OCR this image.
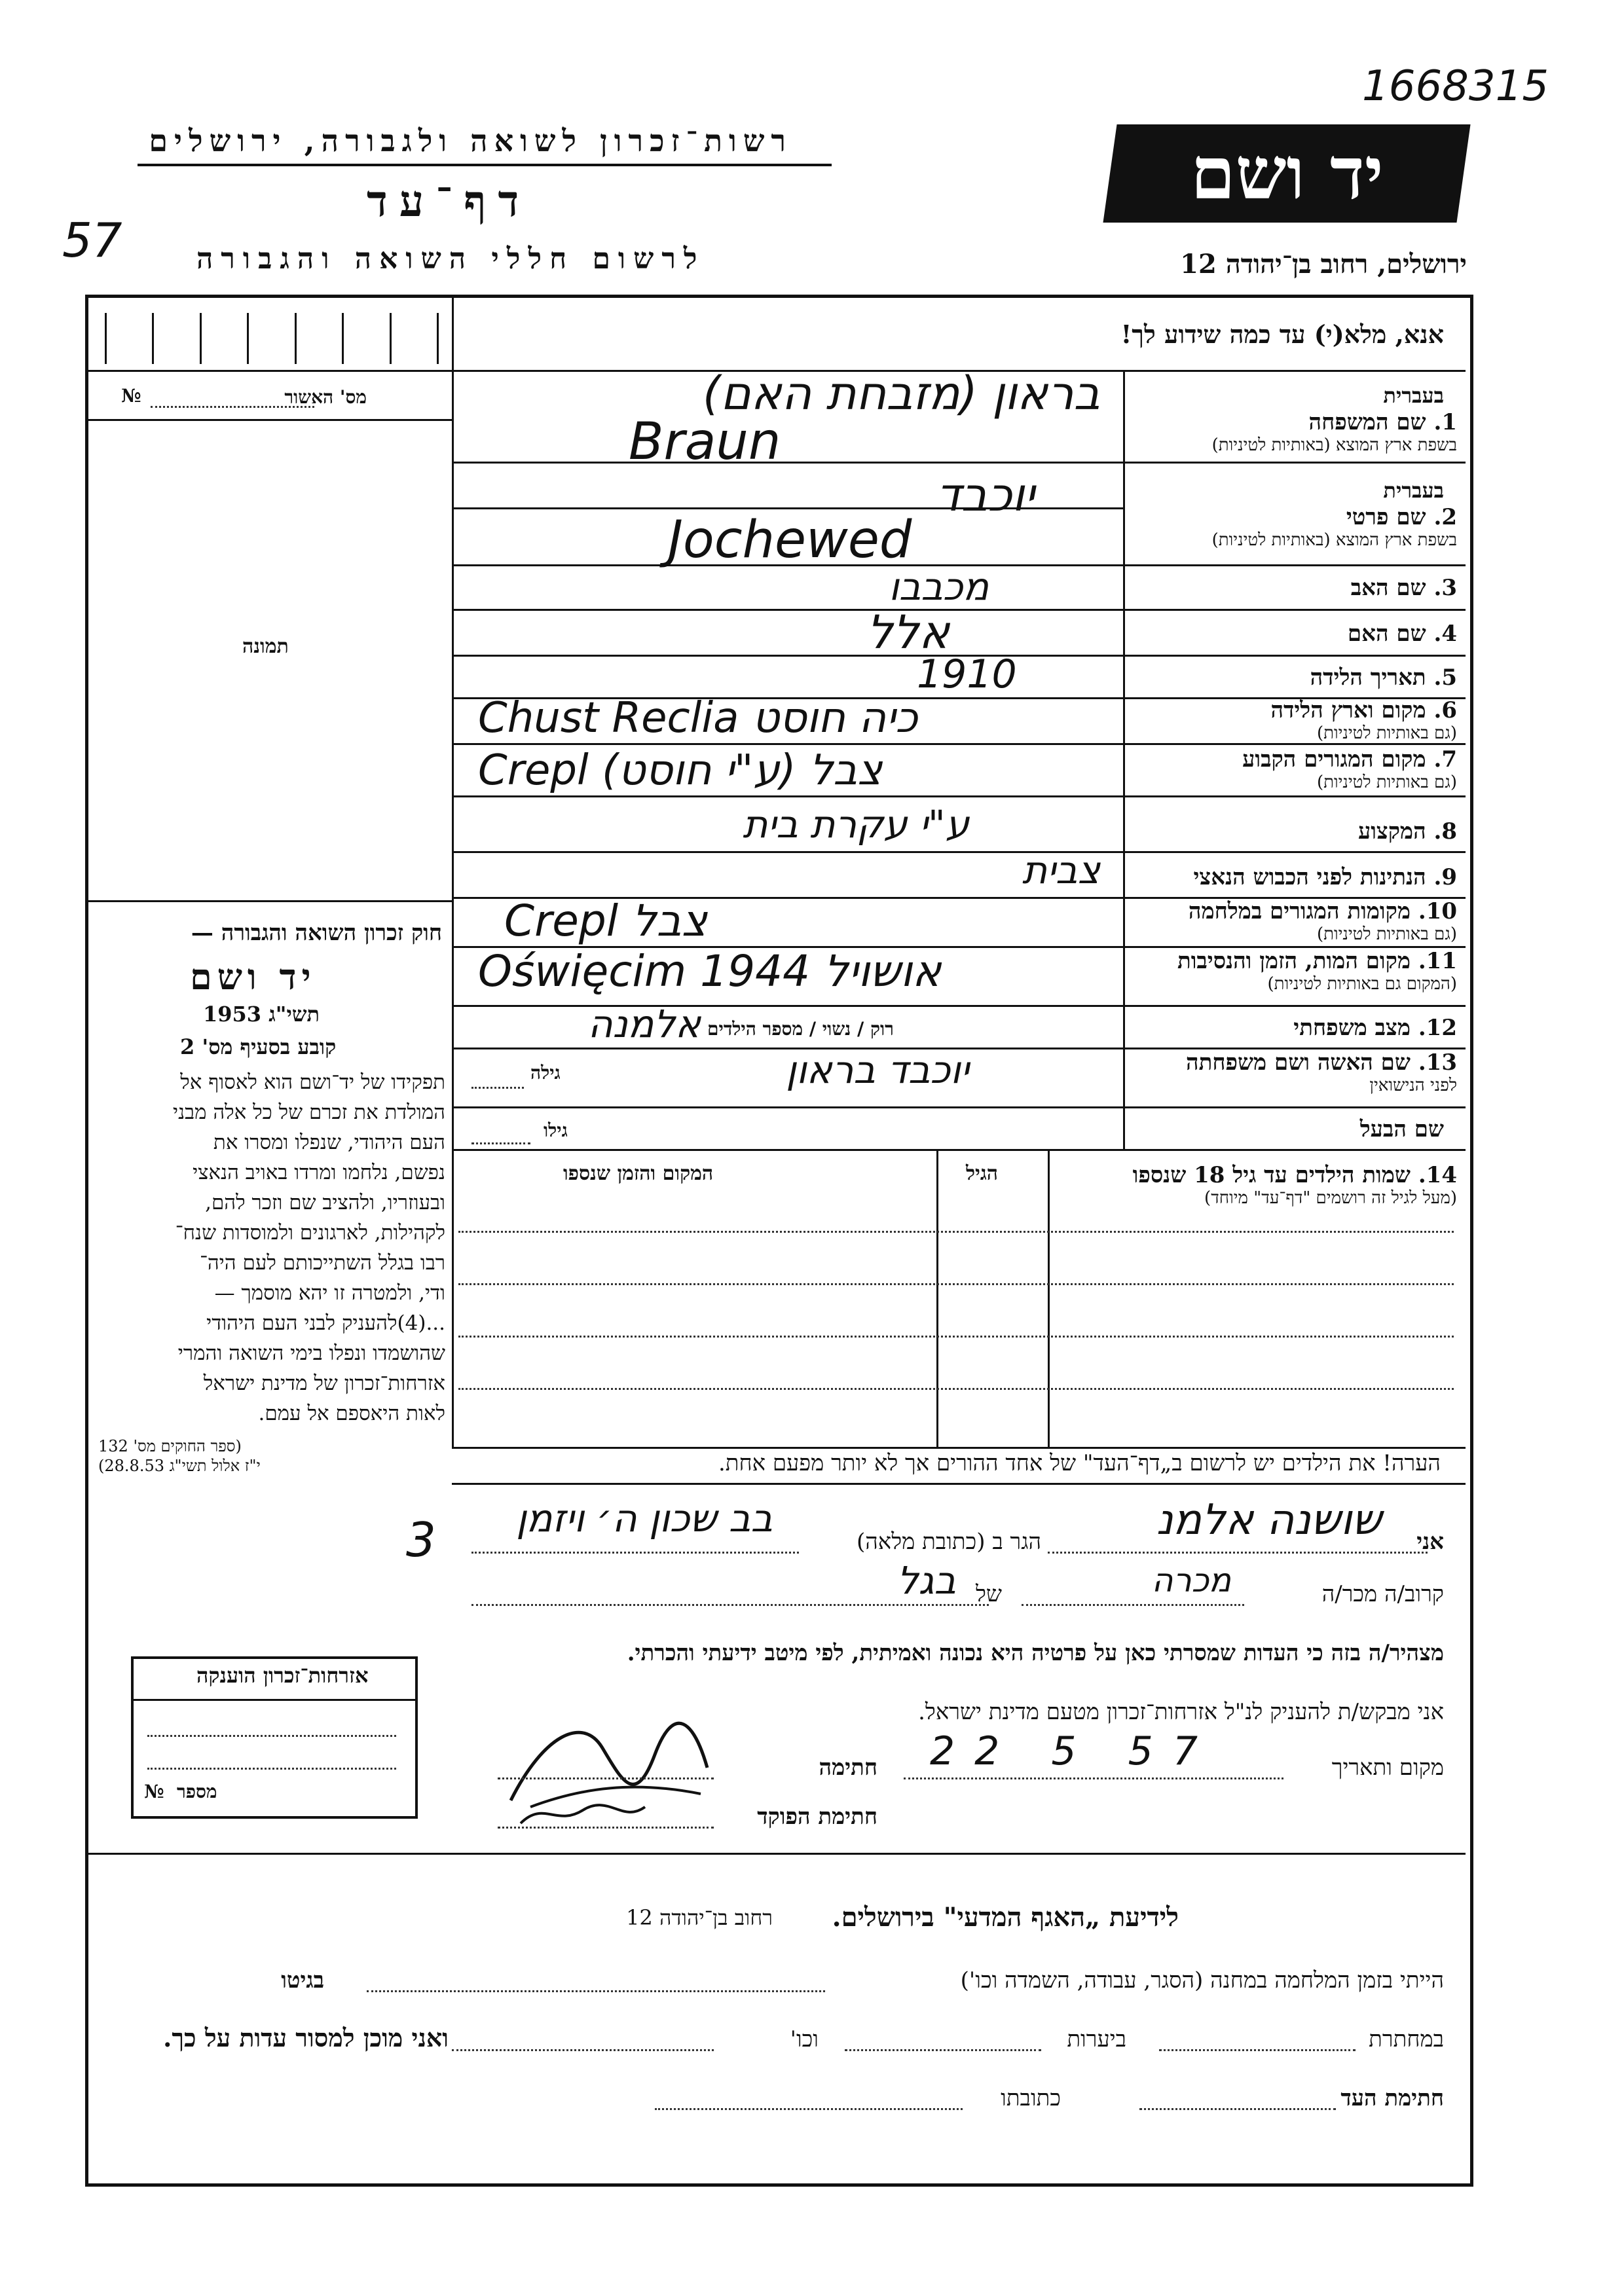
1668315
57
רשות־זכרון לשואה ולגבורה, ירושלים
דף־עד
לרשום חללי השואה והגבורה
יד ושם
ירושלים, רחוב בן־יהודה 12
אנא, מלא(י) עד כמה שידוע לך!
מס' האשור
№
תמונה
חוק זכרון השואה והגבורה —
יד ושם
תשי"ג 1953
קובע בסעיף מס' 2
תפקידו של יד־ושם הוא לאסוף אל
המולדת את זכרם של כל אלה מבני
העם היהודי, שנפלו ומסרו את
נפשם, נלחמו ומרדו באויב הנאצי
ובעוזריו, ולהציב שם וזכר להם,
לקהילות, לארגונים ולמוסדות שנח־
רבו בגלל השתייכותם לעם היה־
ודי, ולמטרה זו יהא מוסמך —
...(4)להעניק לבני העם היהודי
שהושמדו ונפלו בימי השואה והמרי
אזרחות־זכרון של מדינת ישראל
לאות היאספם אל עמם.
(ספר החוקים מס' 132
י"ז אלול תשי"ג 28.8.53)
בעברית
1. שם המשפחה
בשפת ארץ המוצא (באותיות לטיניות)
בעברית
2. שם פרטי
בשפת ארץ המוצא (באותיות לטיניות)
3. שם האב
4. שם האם
5. תאריך הלידה
6. מקום וארץ הלידה
(גם באותיות לטיניות)
7. מקום המגורים הקבוע
(גם באותיות לטיניות)
8. המקצוע
9. הנתינות לפני הכבוש הנאצי
10. מקומות המגורים במלחמה
(גם באותיות לטיניות)
11. מקום המות, הזמן והנסיבות
(המקום גם באותיות לטיניות)
12. מצב משפחתי
13. שם האשה ושם משפחתה
לפני הנישואין
שם הבעל
רוק / נשוי / מספר הילדים
גילה
גילו
בראון (מזבחת האם)
Braun
יוכבד
Jochewed
מכבבו
אלל
1910
Chust Reclia כיה חוסט
Crepl (ע"י חוסט) צבל
ע"י עקרת בית
צבית
Crepl צבל
Oświęcim אושויל 1944
אלמנה
יוכבד בראון
14. שמות הילדים עד גיל 18 שנספו
(מעל לגיל זה רושמים "דף־עד" מיוחד)
הגיל
המקום והזמן שנספו
הערה! את הילדים יש לרשום ב„דף־העד" של אחד ההורים אך לא יותר מפעם אחת.
3	אני
שושנה אלמנ
הגר ב (כתובת מלאה)
בב שכון ה׳ ויזמן
קרוב/ה מכר/ה
מכרה
של
בגל
מצהיר/ה בזה כי העדות שמסרתי כאן על פרטיה היא נכונה ואמיתית, לפי מיטב ידיעתי והכרתי.
אני מבקש/ת להעניק לנ"ל אזרחות־זכרון מטעם מדינת ישראל.
מקום ותאריך
22 5 57
חתימה
חתימת הפוקד
אזרחות־זכרון הוענקה
№ מספר
לידיעת „האגף המדעי" בירושלים.
רחוב בן־יהודה 12
הייתי בזמן המלחמה במחנה (הסגר, עבודה, השמדה וכו')
בגיטו
במחתרת
ביערות
וכו'
ואני מוכן למסור עדות על כך.
חתימת העד
כתובתו
